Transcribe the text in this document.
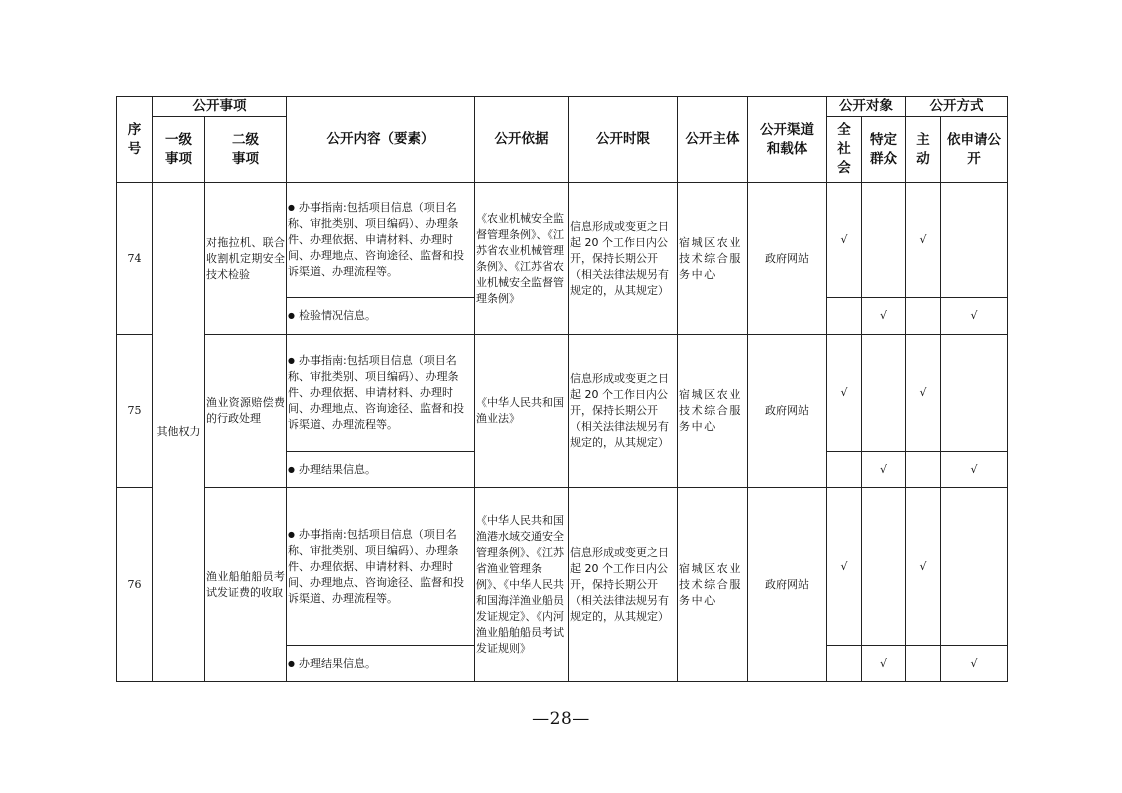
序号	公开事项		公开内容（要素）	公开依据	公开时限	公开主体	公开渠道和载体	公开对象		公开方式	
	一级事项	二级事项						全社会	特定群众	主动	依申请公开
74	其他权力	对拖拉机、联合收割机定期安全技术检验	● 办事指南:包括项目信息（项目名称、审批类别、项目编码）、办理条件、办理依据、申请材料、办理时间、办理地点、咨询途径、监督和投诉渠道、办理流程等。	《农业机械安全监督管理条例》、《江苏省农业机械管理条例》、《江苏省农业机械安全监督管理条例》	信息形成或变更之日起 20 个工作日内公开，保持长期公开（相关法律法规另有规定的，从其规定）	宿城区农业技术综合服务中心	政府网站	√		√	
			● 检验情况信息。						√		√
75		渔业资源赔偿费的行政处理	● 办事指南:包括项目信息（项目名称、审批类别、项目编码）、办理条件、办理依据、申请材料、办理时间、办理地点、咨询途径、监督和投诉渠道、办理流程等。	《中华人民共和国渔业法》	信息形成或变更之日起 20 个工作日内公开，保持长期公开（相关法律法规另有规定的，从其规定）	宿城区农业技术综合服务中心	政府网站	√		√	
			● 办理结果信息。						√		√
76		渔业船舶船员考试发证费的收取	● 办事指南:包括项目信息（项目名称、审批类别、项目编码）、办理条件、办理依据、申请材料、办理时间、办理地点、咨询途径、监督和投诉渠道、办理流程等。	《中华人民共和国渔港水域交通安全管理条例》、《江苏省渔业管理条例》、《中华人民共和国海洋渔业船员发证规定》、《内河渔业船舶船员考试发证规则》	信息形成或变更之日起 20 个工作日内公开，保持长期公开（相关法律法规另有规定的，从其规定）	宿城区农业技术综合服务中心	政府网站	√		√	
			● 办理结果信息。						√		√
—28—
